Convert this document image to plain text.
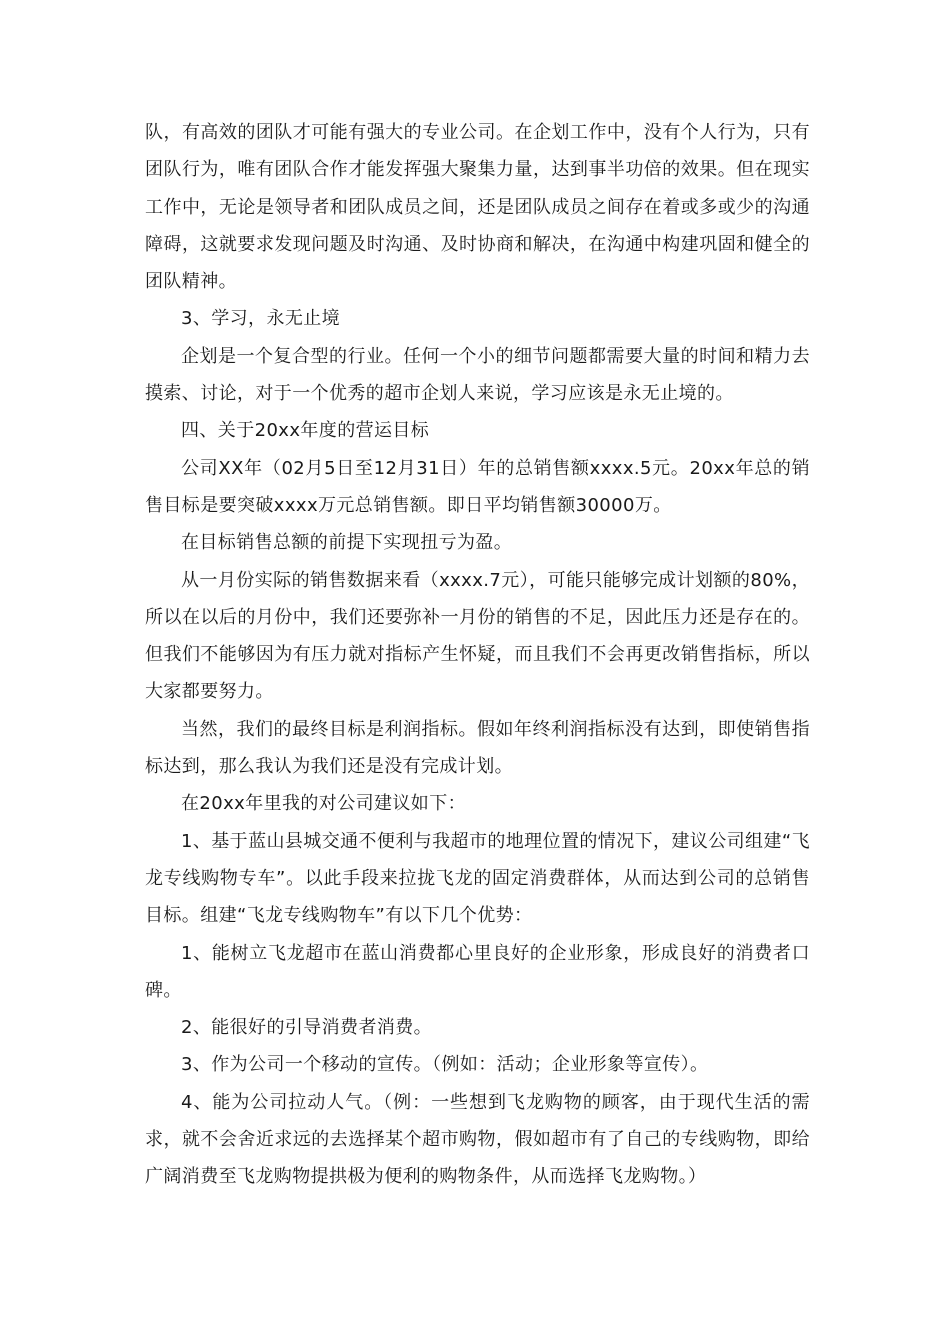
队，有高效的团队才可能有强大的专业公司。在企划工作中，没有个人行为，只有团队行为，唯有团队合作才能发挥强大聚集力量，达到事半功倍的效果。但在现实工作中，无论是领导者和团队成员之间，还是团队成员之间存在着或多或少的沟通障碍，这就要求发现问题及时沟通、及时协商和解决，在沟通中构建巩固和健全的团队精神。

3、学习，永无止境

企划是一个复合型的行业。任何一个小的细节问题都需要大量的时间和精力去摸索、讨论，对于一个优秀的超市企划人来说，学习应该是永无止境的。

四、关于20xx年度的营运目标

公司XX年（02月5日至12月31日）年的总销售额xxxx.5元。20xx年总的销售目标是要突破xxxx万元总销售额。即日平均销售额30000万。

在目标销售总额的前提下实现扭亏为盈。

从一月份实际的销售数据来看（xxxx.7元），可能只能够完成计划额的80%，所以在以后的月份中，我们还要弥补一月份的销售的不足，因此压力还是存在的。但我们不能够因为有压力就对指标产生怀疑，而且我们不会再更改销售指标，所以大家都要努力。

当然，我们的最终目标是利润指标。假如年终利润指标没有达到，即使销售指标达到，那么我认为我们还是没有完成计划。

在20xx年里我的对公司建议如下：

1、基于蓝山县城交通不便利与我超市的地理位置的情况下，建议公司组建“飞龙专线购物专车”。以此手段来拉拢飞龙的固定消费群体，从而达到公司的总销售目标。组建“飞龙专线购物车”有以下几个优势：

1、能树立飞龙超市在蓝山消费都心里良好的企业形象，形成良好的消费者口碑。

2、能很好的引导消费者消费。

3、作为公司一个移动的宣传。（例如：活动；企业形象等宣传）。

4、能为公司拉动人气。（例：一些想到飞龙购物的顾客，由于现代生活的需求，就不会舍近求远的去选择某个超市购物，假如超市有了自己的专线购物，即给广阔消费至飞龙购物提拱极为便利的购物条件，从而选择飞龙购物。）
